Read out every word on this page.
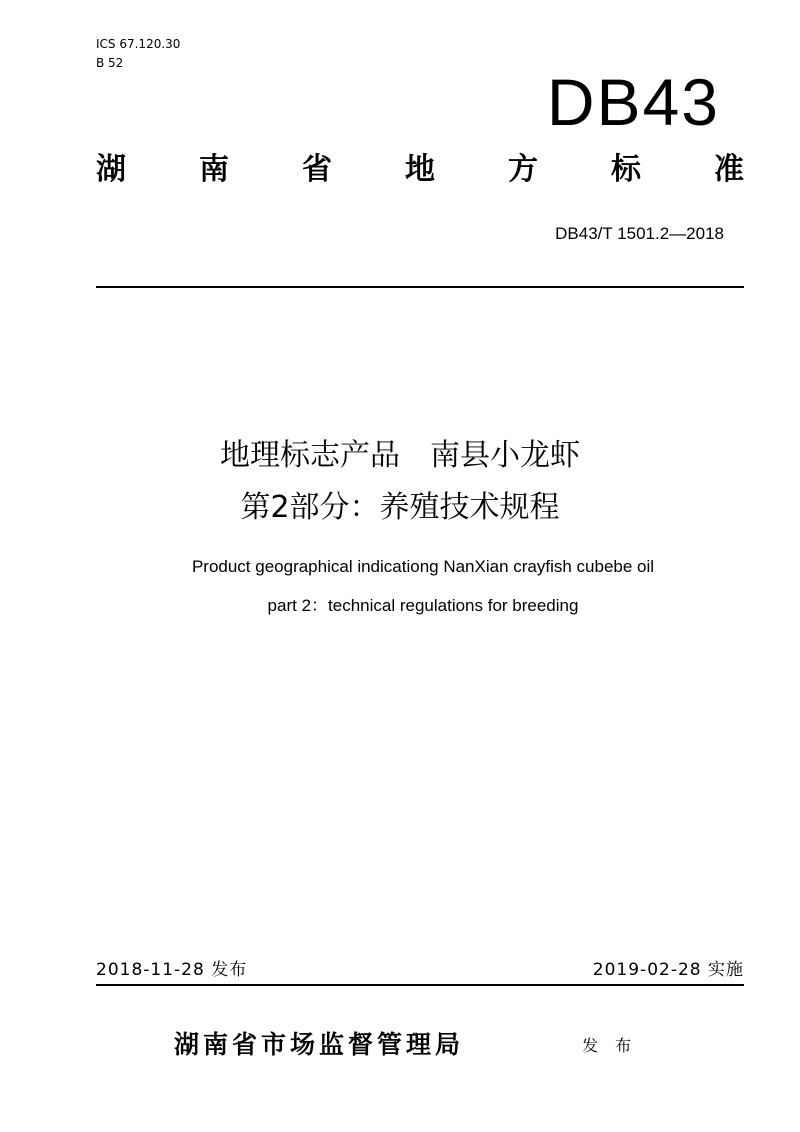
ICS 67.120.30
B 52
DB43
湖 南 省 地 方 标 准
DB43/T 1501.2—2018
地理标志产品　南县小龙虾
第2部分：养殖技术规程
Product geographical indicationg NanXian crayfish cubebe oil
part 2：technical regulations for breeding
2018-11-28 发布	2019-02-28 实施
湖南省市场监督管理局	发 布
